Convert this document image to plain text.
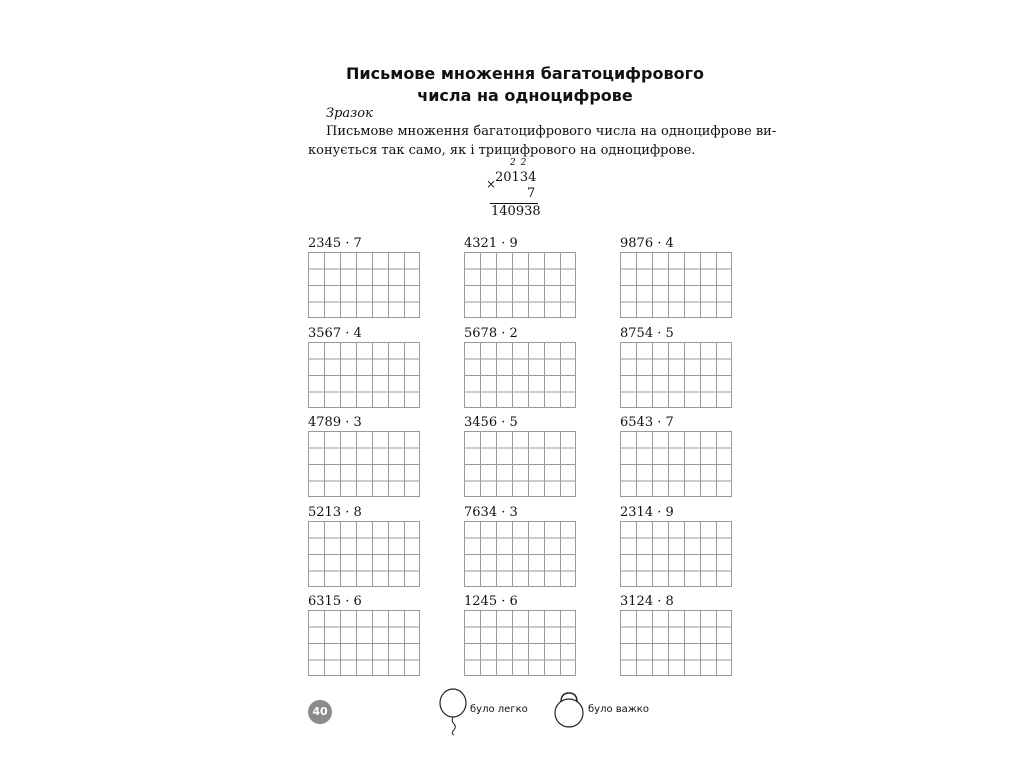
Письмове множення багатоцифрового
числа на одноцифрове
Зразок
Письмове множення багатоцифрового числа на одноцифрове ви-
конується так само, як і трицифрового на одноцифрове.
2 2
×
20134
7
140938
2345 · 7	4321 · 9	9876 · 4
3567 · 4	5678 · 2	8754 · 5
4789 · 3	3456 · 5	6543 · 7
5213 · 8	7634 · 3	2314 · 9
6315 · 6	1245 · 6	3124 · 8
40	було легко	було важко
